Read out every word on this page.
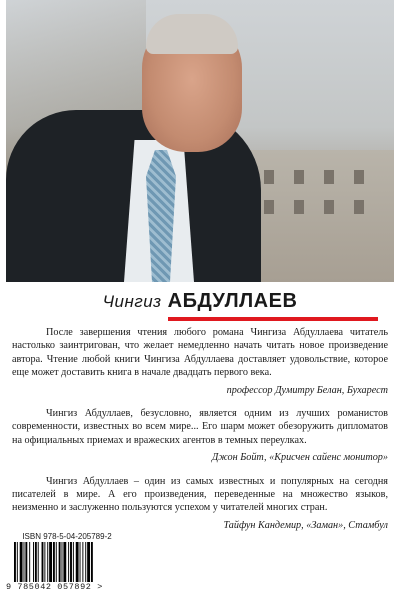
Чингиз АБДУЛЛАЕВ

После завершения чтения любого романа Чингиза Абдуллаева читатель настолько заинтригован, что желает немедленно начать читать новое произведение автора. Чтение любой книги Чингиза Абдуллаева доставляет удовольствие, которое еще может доставить книга в начале двадцать первого века.

профессор Думитру Белан, Бухарест

Чингиз Абдуллаев, безусловно, является одним из лучших романистов современности, известных во всем мире... Его шарм может обезоружить дипломатов на официальных приемах и вражеских агентов в темных переулках.

Джон Бойт, «Крисчен сайенс монитор»

Чингиз Абдуллаев – один из самых известных и популярных на сегодня писателей в мире. А его произведения, переведенные на множество языков, неизменно и заслуженно пользуются успехом у читателей многих стран.

Тайфун Кандемир, «Заман», Стамбул

ISBN 978-5-04-205789-2
9 785042 057892 >
